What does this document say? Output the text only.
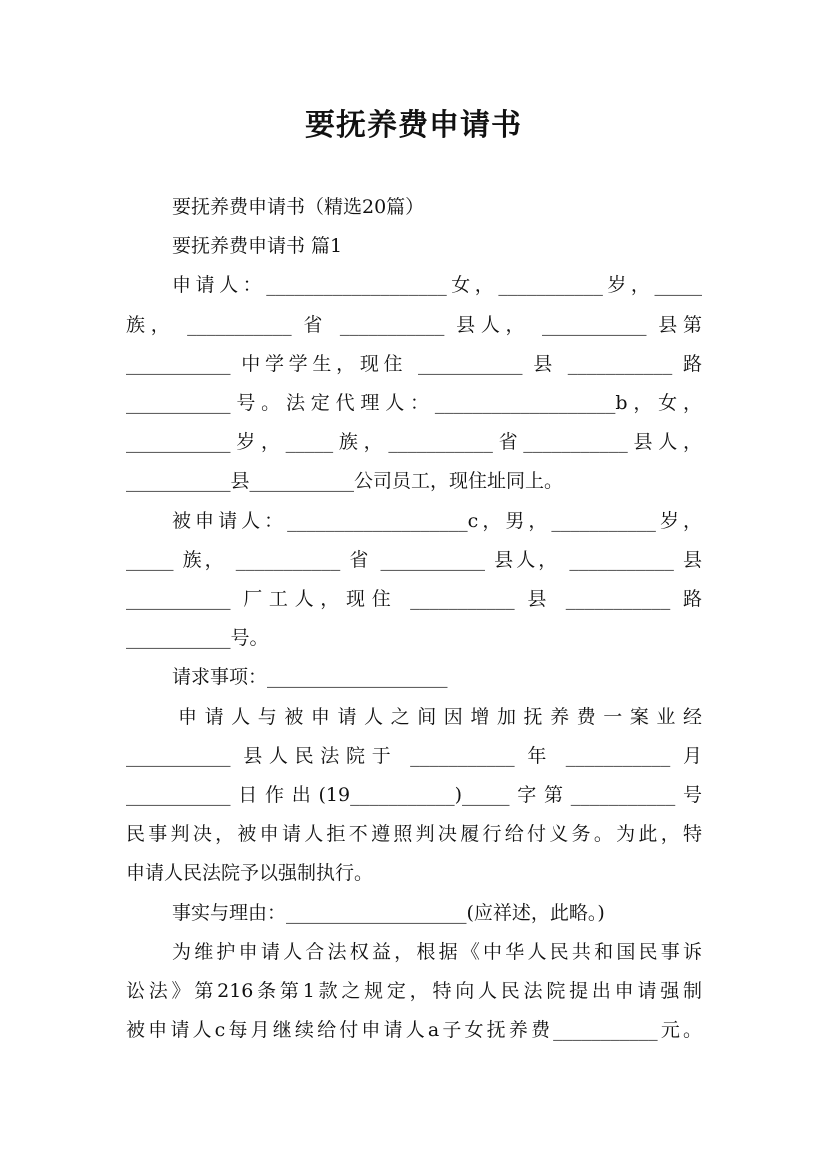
要抚养费申请书
要抚养费申请书（精选20篇）
要抚养费申请书 篇1
申请人：___________________女，___________岁，_____
族， ___________ 省 ___________ 县人， ___________ 县第
___________ 中学学生，现住 ___________ 县 ___________ 路
___________号。法定代理人：___________________b，女，
___________岁，_____族，___________省___________县人，
___________县___________公司员工，现住址同上。
被申请人：___________________c，男，___________岁，
_____ 族， ___________ 省 ___________ 县人， ___________ 县
___________ 厂工人，现住 ___________ 县 ___________ 路
___________号。
请求事项：___________________
申请人与被申请人之间因增加抚养费一案业经
___________ 县人民法院于 ___________ 年 ___________ 月
___________日作出(19___________)_____字第___________号
民事判决，被申请人拒不遵照判决履行给付义务。为此，特
申请人民法院予以强制执行。
事实与理由：___________________(应祥述，此略。)
为维护申请人合法权益，根据《中华人民共和国民事诉
讼法》第216条第1款之规定，特向人民法院提出申请强制
被申请人c每月继续给付申请人a子女抚养费___________元。
